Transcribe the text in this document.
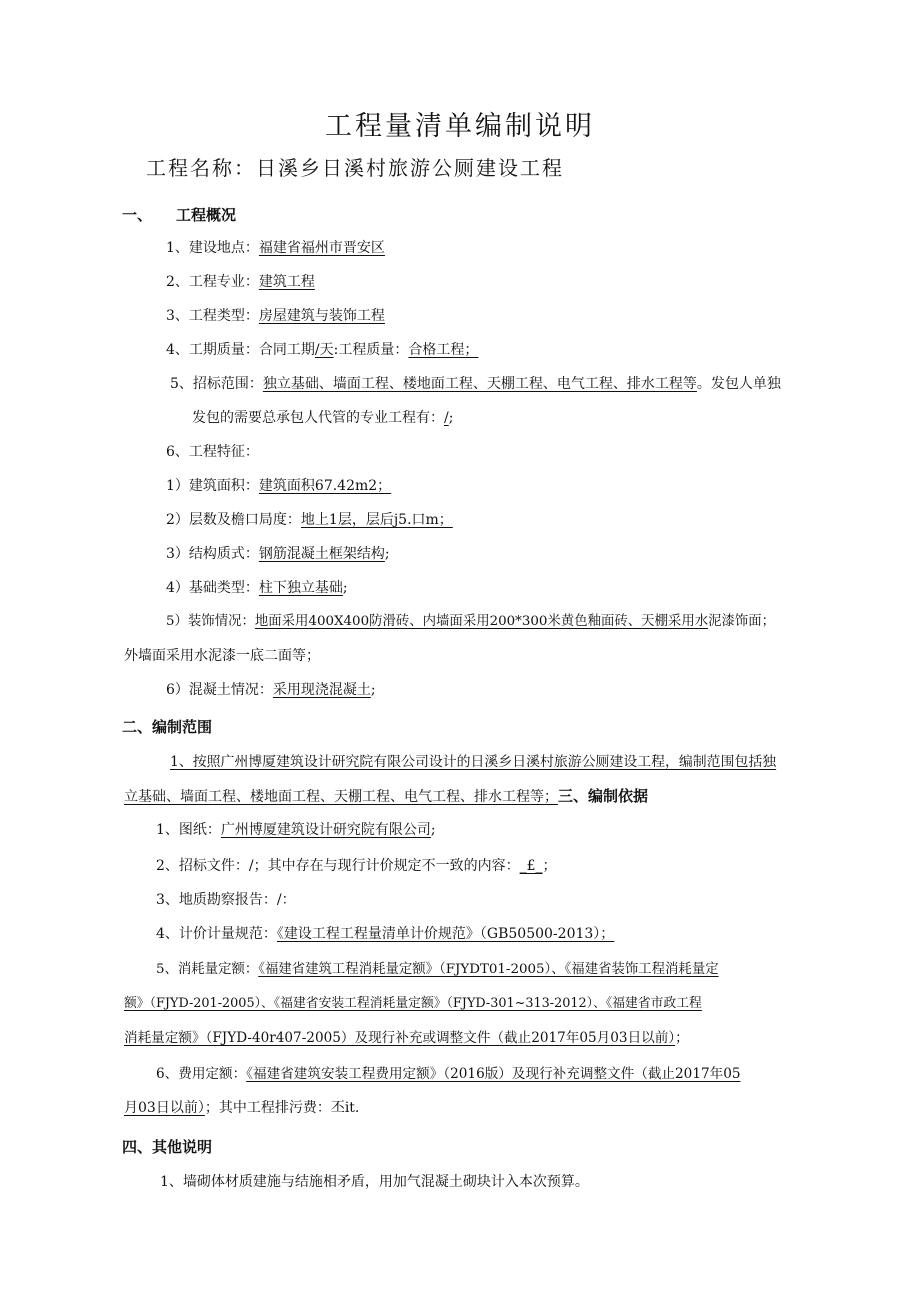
工程量清单编制说明
工程名称：日溪乡日溪村旅游公厕建设工程
一、 工程概况
1、建设地点：福建省福州市晋安区
2、工程专业：建筑工程
3、工程类型：房屋建筑与装饰工程
4、工期质量：合同工期/天:工程质量：合格工程；
5、招标范围：独立基础、墙面工程、楼地面工程、天棚工程、电气工程、排水工程等。发包人单独
发包的需要总承包人代管的专业工程有：/;
6、工程特征：
1）建筑面积：建筑面积67.42m2；
2）层数及檐口局度：地上1层，层后j5.口m；
3）结构质式：钢筋混凝土框架结构;
4）基础类型：柱下独立基础;
5）装饰情况：地面采用400X400防滑砖、内墙面采用200*300米黄色釉面砖、天棚采用水泥漆饰面；
外墙面采用水泥漆一底二面等；
6）混凝土情况：采用现浇混凝土;
二、编制范围
1、按照广州博厦建筑设计研究院有限公司设计的日溪乡日溪村旅游公厕建设工程，编制范围包括独
立基础、墙面工程、楼地面工程、天棚工程、电气工程、排水工程等；三、编制依据
1、图纸：广州博厦建筑设计研究院有限公司;
2、招标文件：/；其中存在与现行计价规定不一致的内容：_£_；
3、地质勘察报告：/：
4、计价计量规范：《建设工程工程量清单计价规范》（GB50500-2013）；
5、消耗量定额：《福建省建筑工程消耗量定额》（FJYDT01-2005）、《福建省装饰工程消耗量定
额》（FJYD-201-2005）、《福建省安装工程消耗量定额》（FJYD-301~313-2012）、《福建省市政工程
消耗量定额》（FJYD-40r407-2005）及现行补充或调整文件（截止2017年05月03日以前）；
6、费用定额：《福建省建筑安装工程费用定额》（2016版）及现行补充调整文件（截止2017年05
月03日以前）；其中工程排污费：丕it.
四、其他说明
1、墙砌体材质建施与结施相矛盾，用加气混凝土砌块计入本次预算。
